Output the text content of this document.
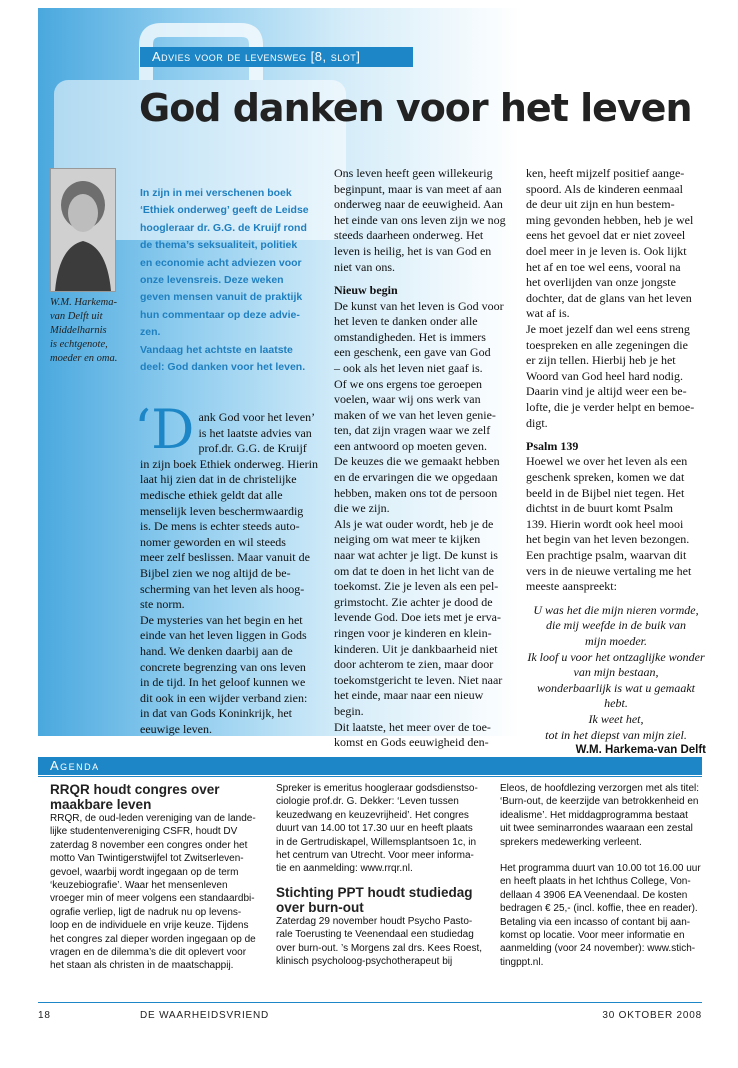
Advies voor de levensweg [8, slot]
God danken voor het leven
W.M. Harkema-
van Delft uit
Middelharnis
is echtgenote,
moeder en oma.

In zijn in mei verschenen boek

‘Ethiek onderweg’ geeft de Leidse

hoogleraar dr. G.G. de Kruijf rond

de thema’s seksualiteit, politiek

en economie acht adviezen voor

onze levensreis. Deze weken

geven mensen vanuit de praktijk

hun commentaar op deze advie-

zen.

Vandaag het achtste en laatste

deel: God danken voor het leven.

‘D ank God voor het leven’

is het laatste advies van

prof.dr. G.G. de Kruijf

in zijn boek Ethiek onderweg. Hierin

laat hij zien dat in de christelijke

medische ethiek geldt dat alle

menselijk leven beschermwaardig

is. De mens is echter steeds auto-

nomer geworden en wil steeds

meer zelf beslissen. Maar vanuit de

Bijbel zien we nog altijd de be-

scherming van het leven als hoog-

ste norm.

De mysteries van het begin en het

einde van het leven liggen in Gods

hand. We denken daarbij aan de

concrete begrenzing van ons leven

in de tijd. In het geloof kunnen we

dit ook in een wijder verband zien:

in dat van Gods Koninkrijk, het

eeuwige leven.

Ons leven heeft geen willekeurig

beginpunt, maar is van meet af aan

onderweg naar de eeuwigheid. Aan

het einde van ons leven zijn we nog

steeds daarheen onderweg. Het

leven is heilig, het is van God en

niet van ons.

Nieuw begin

De kunst van het leven is God voor

het leven te danken onder alle

omstandigheden. Het is immers

een geschenk, een gave van God

– ook als het leven niet gaaf is.

Of we ons ergens toe geroepen

voelen, waar wij ons werk van

maken of we van het leven genie-

ten, dat zijn vragen waar we zelf

een antwoord op moeten geven.

De keuzes die we gemaakt hebben

en de ervaringen die we opgedaan

hebben, maken ons tot de persoon

die we zijn.

Als je wat ouder wordt, heb je de

neiging om wat meer te kijken

naar wat achter je ligt. De kunst is

om dat te doen in het licht van de

toekomst. Zie je leven als een pel-

grimstocht. Zie achter je dood de

levende God. Doe iets met je erva-

ringen voor je kinderen en klein-

kinderen. Uit je dankbaarheid niet

door achterom te zien, maar door

toekomstgericht te leven. Niet naar

het einde, maar naar een nieuw

begin.

Dit laatste, het meer over de toe-

komst en Gods eeuwigheid den-

ken, heeft mijzelf positief aange-

spoord. Als de kinderen eenmaal

de deur uit zijn en hun bestem-

ming gevonden hebben, heb je wel

eens het gevoel dat er niet zoveel

doel meer in je leven is. Ook lijkt

het af en toe wel eens, vooral na

het overlijden van onze jongste

dochter, dat de glans van het leven

wat af is.

Je moet jezelf dan wel eens streng

toespreken en alle zegeningen die

er zijn tellen. Hierbij heb je het

Woord van God heel hard nodig.

Daarin vind je altijd weer een be-

lofte, die je verder helpt en bemoe-

digt.

Psalm 139

Hoewel we over het leven als een

geschenk spreken, komen we dat

beeld in de Bijbel niet tegen. Het

dichtst in de buurt komt Psalm

139. Hierin wordt ook heel mooi

het begin van het leven bezongen.

Een prachtige psalm, waarvan dit

vers in de nieuwe vertaling me het

meeste aanspreekt:

U was het die mijn nieren vormde,

die mij weefde in de buik van

mijn moeder.

Ik loof u voor het ontzaglijke wonder

van mijn bestaan,

wonderbaarlijk is wat u gemaakt hebt.

Ik weet het,

tot in het diepst van mijn ziel.

W.M. Harkema-van Delft

Agenda
RRQR houdt congres over maakbare leven

RRQR, de oud-leden vereniging van de lande-

lijke studentenvereniging CSFR, houdt DV

zaterdag 8 november een congres onder het

motto Van Twintigerstwijfel tot Zwitserleven-

gevoel, waarbij wordt ingegaan op de term

‘keuzebiografie’. Waar het mensenleven

vroeger min of meer volgens een standaardbi-

ografie verliep, ligt de nadruk nu op levens-

loop en de individuele en vrije keuze. Tijdens

het congres zal dieper worden ingegaan op de

vragen en de dilemma’s die dit oplevert voor

het staan als christen in de maatschappij.

Spreker is emeritus hoogleraar godsdienstso-

ciologie prof.dr. G. Dekker: ‘Leven tussen

keuzedwang en keuzevrijheid’. Het congres

duurt van 14.00 tot 17.30 uur en heeft plaats

in de Gertrudiskapel, Willemsplantsoen 1c, in

het centrum van Utrecht. Voor meer informa-

tie en aanmelding: www.rrqr.nl.

Stichting PPT houdt studiedag over burn-out

Zaterdag 29 november houdt Psycho Pasto-

rale Toerusting te Veenendaal een studiedag

over burn-out. ’s Morgens zal drs. Kees Roest,

klinisch psycholoog-psychotherapeut bij

Eleos, de hoofdlezing verzorgen met als titel:

‘Burn-out, de keerzijde van betrokkenheid en

idealisme’. Het middagprogramma bestaat

uit twee seminarrondes waaraan een zestal

sprekers medewerking verleent.

Het programma duurt van 10.00 tot 16.00 uur

en heeft plaats in het Ichthus College, Von-

dellaan 4 3906 EA Veenendaal. De kosten

bedragen € 25,- (incl. koffie, thee en reader).

Betaling via een incasso of contant bij aan-

komst op locatie. Voor meer informatie en

aanmelding (voor 24 november): www.stich-

tingppt.nl.

18	DE WAARHEIDSVRIEND	30 OKTOBER 2008
